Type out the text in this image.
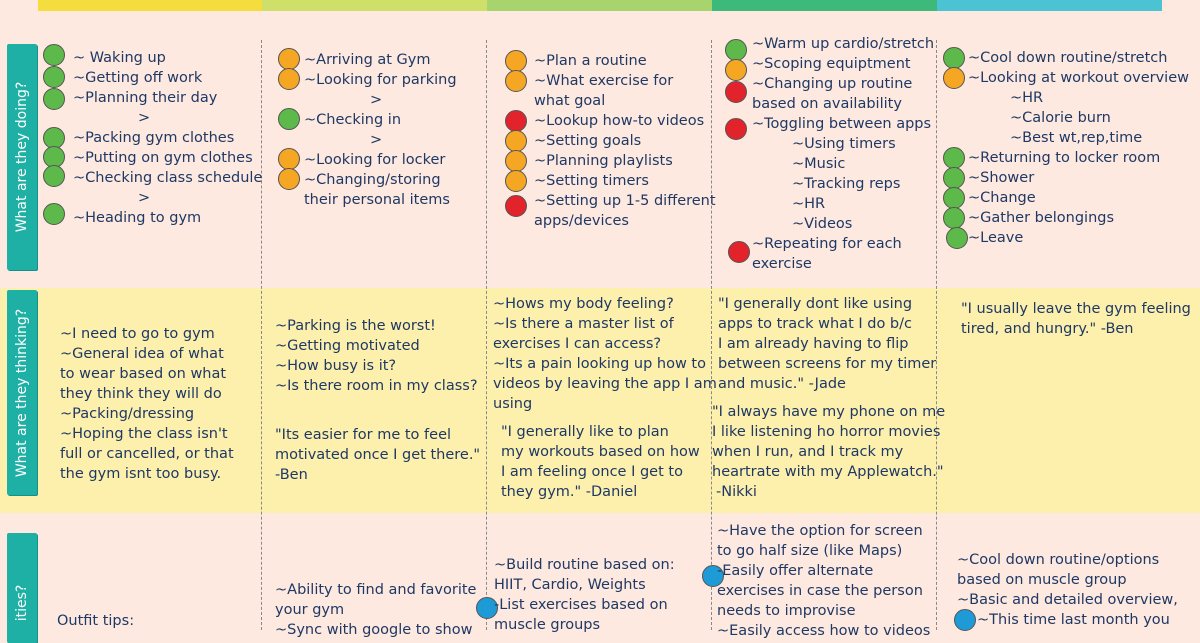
What are they doing?
What are they thinking?
ities?
~ Waking up
~Getting off work
~Planning their day
>
~Packing gym clothes
~Putting on gym clothes
~Checking class schedule
>
~Heading to gym
~Arriving at Gym
~Looking for parking
>
~Checking in
>
~Looking for locker
~Changing/storing
their personal items
~Plan a routine
~What exercise for
what goal
~Lookup how-to videos
~Setting goals
~Planning playlists
~Setting timers
~Setting up 1-5 different
apps/devices
~Warm up cardio/stretch
~Scoping equiptment
~Changing up routine
based on availability
~Toggling between apps
~Using timers
~Music
~Tracking reps
~HR
~Videos
~Repeating for each
exercise
~Cool down routine/stretch
~Looking at workout overview
~HR
~Calorie burn
~Best wt,rep,time
~Returning to locker room
~Shower
~Change
~Gather belongings
~Leave
~I need to go to gym
~General idea of what
to wear based on what
they think they will do
~Packing/dressing
~Hoping the class isn't
full or cancelled, or that
the gym isnt too busy.
~Parking is the worst!
~Getting motivated
~How busy is it?
~Is there room in my class?
"Its easier for me to feel
motivated once I get there."
-Ben
~Hows my body feeling?
~Is there a master list of
exercises I can access?
~Its a pain looking up how to
videos by leaving the app I am
using
"I generally like to plan
my workouts based on how
I am feeling once I get to
they gym." -Daniel
"I generally dont like using
apps to track what I do b/c
I am already having to flip
between screens for my timer
and music." -Jade
"I always have my phone on me
I like listening ho horror movies
when I run, and I track my
heartrate with my Applewatch."
-Nikki
"I usually leave the gym feeling
tired, and hungry." -Ben
Outfit tips:
~Ability to find and favorite
your gym
~Sync with google to show
~Build routine based on:
HIIT, Cardio, Weights
-List exercises based on
muscle groups
~Have the option for screen
to go half size (like Maps)
-Easily offer alternate
exercises in case the person
needs to improvise
~Easily access how to videos
~Cool down routine/options
based on muscle group
~Basic and detailed overview,
~This time last month you
